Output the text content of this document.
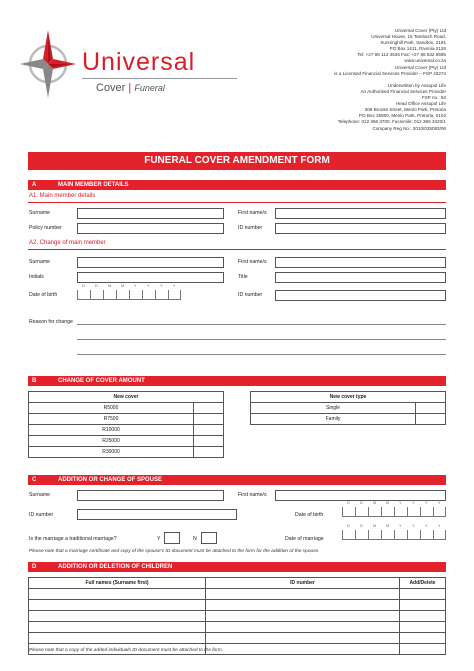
Universal
Cover | Funeral
Universal Cover (Pty) Ltd
Universal House, 15 Tambach Road,
Sunninghill Park, Sandton, 2191
PO Box 1411, Rivonia 2128
Tel: +27 86 112 4636 Fax: +27 86 532 6595
www.universal.co.za
Universal Cover (Pty) Ltd
is a Licensed Financial Services Provider – FSP 43274

Underwritten by Assupol Life
An Authorised Financial Services Provider
FSP no.: 53
Head Office Assupol Life
308 Brooks Street, Menlo Park, Pretoria
PO Box 35900, Menlo Park, Pretoria, 0102
Telephone: 012 366 3700. Facsimile: 012 366 3420/1
Company Reg No.: 2010/025083/06
FUNERAL COVER AMENDMENT FORM
A	MAIN MEMBER DETAILS
A1. Main member details
Surname	First name/s
Policy number	ID number
A2. Change of main member
Surname	First name/s
Initials	Title
Date of birth
D	D	M	M	Y	Y	Y	Y
ID number
Reason for change
B	CHANGE OF COVER AMOUNT
New cover	
R5000	
R7500	
R10000	
R25000	
R30000	
New cover type	
Single	
Family	
C	ADDITION OR CHANGE OF SPOUSE
Surname	First name/s
ID number	Date of birth
D	D	M	M	Y	Y	Y	Y
Is the marriage a traditional marriage?	Y	N	Date of marriage
D	D	M	M	Y	Y	Y	Y
Please note that a marriage certificate and copy of the spouse’s ID document must be attached to the form for the addition of the spouse.
D	ADDITION OR DELETION OF CHILDREN
Full names (Surname first)	ID number	Add/Delete

Please note that a copy of the added individuals ID document must be attached to the form.
